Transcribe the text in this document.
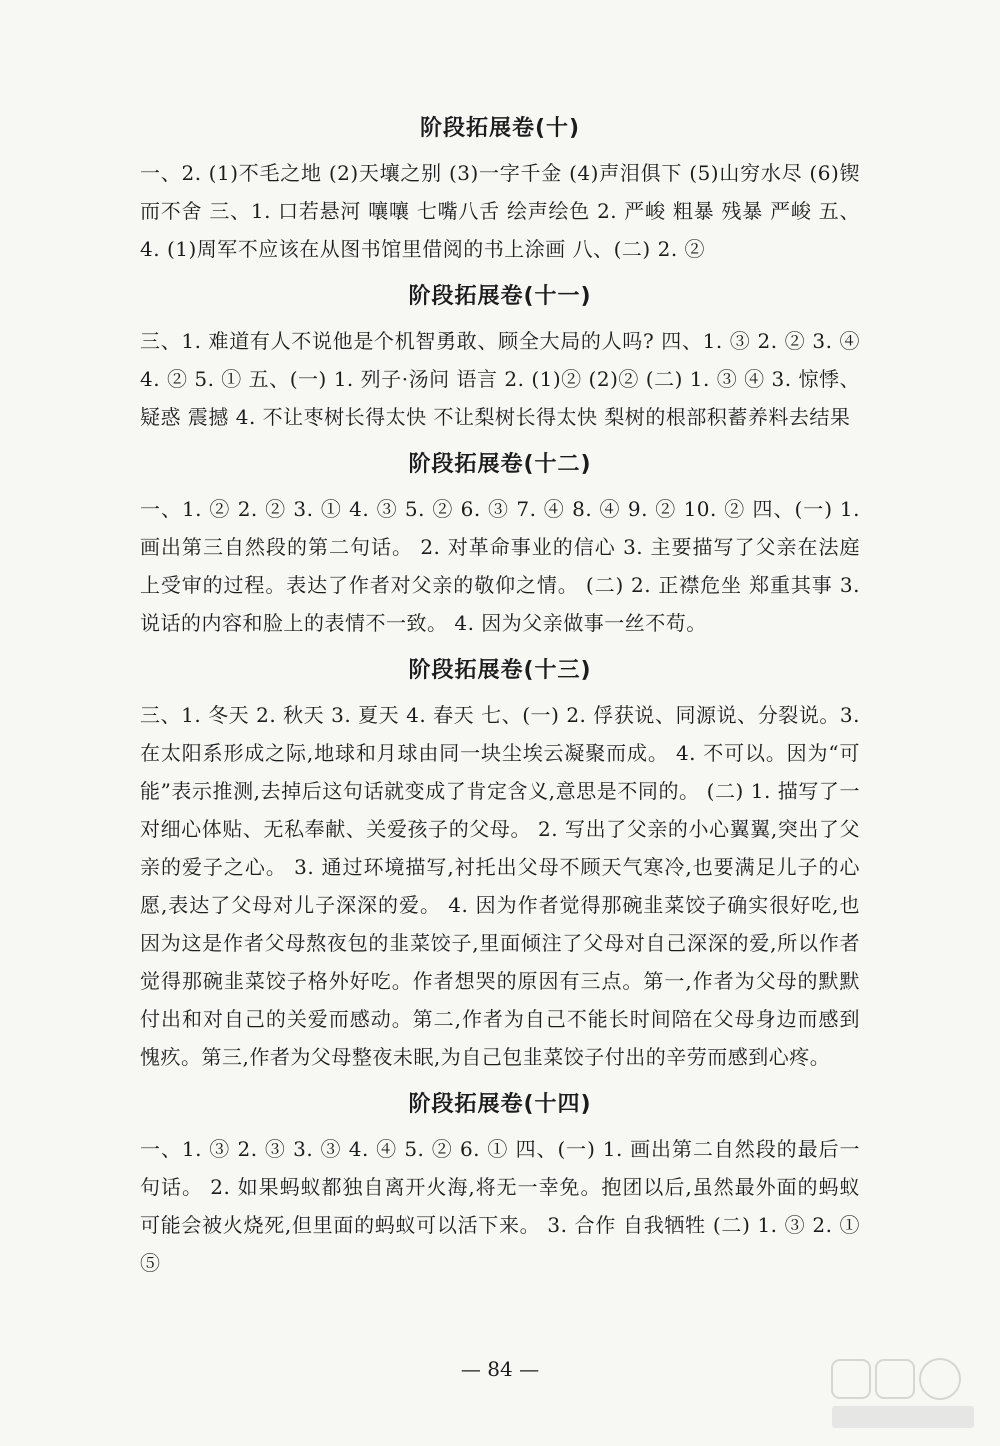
阶段拓展卷(十)

一、2. (1)不毛之地 (2)天壤之别 (3)一字千金 (4)声泪俱下 (5)山穷水尽 (6)锲而不舍 三、1. 口若悬河 嚷嚷 七嘴八舌 绘声绘色 2. 严峻 粗暴 残暴 严峻 五、4. (1)周军不应该在从图书馆里借阅的书上涂画 八、(二) 2. ②

阶段拓展卷(十一)

三、1. 难道有人不说他是个机智勇敢、顾全大局的人吗? 四、1. ③ 2. ② 3. ④ 4. ② 5. ① 五、(一) 1. 列子·汤问 语言 2. (1)② (2)② (二) 1. ③ ④ 3. 惊悸、疑惑 震撼 4. 不让枣树长得太快 不让梨树长得太快 梨树的根部积蓄养料去结果

阶段拓展卷(十二)

一、1. ② 2. ② 3. ① 4. ③ 5. ② 6. ③ 7. ④ 8. ④ 9. ② 10. ② 四、(一) 1. 画出第三自然段的第二句话。 2. 对革命事业的信心 3. 主要描写了父亲在法庭上受审的过程。表达了作者对父亲的敬仰之情。 (二) 2. 正襟危坐 郑重其事 3. 说话的内容和脸上的表情不一致。 4. 因为父亲做事一丝不苟。

阶段拓展卷(十三)

三、1. 冬天 2. 秋天 3. 夏天 4. 春天 七、(一) 2. 俘获说、同源说、分裂说。3. 在太阳系形成之际,地球和月球由同一块尘埃云凝聚而成。 4. 不可以。因为“可能”表示推测,去掉后这句话就变成了肯定含义,意思是不同的。 (二) 1. 描写了一对细心体贴、无私奉献、关爱孩子的父母。 2. 写出了父亲的小心翼翼,突出了父亲的爱子之心。 3. 通过环境描写,衬托出父母不顾天气寒冷,也要满足儿子的心愿,表达了父母对儿子深深的爱。 4. 因为作者觉得那碗韭菜饺子确实很好吃,也因为这是作者父母熬夜包的韭菜饺子,里面倾注了父母对自己深深的爱,所以作者觉得那碗韭菜饺子格外好吃。作者想哭的原因有三点。第一,作者为父母的默默付出和对自己的关爱而感动。第二,作者为自己不能长时间陪在父母身边而感到愧疚。第三,作者为父母整夜未眠,为自己包韭菜饺子付出的辛劳而感到心疼。

阶段拓展卷(十四)

一、1. ③ 2. ③ 3. ③ 4. ④ 5. ② 6. ① 四、(一) 1. 画出第二自然段的最后一句话。 2. 如果蚂蚁都独自离开火海,将无一幸免。抱团以后,虽然最外面的蚂蚁可能会被火烧死,但里面的蚂蚁可以活下来。 3. 合作 自我牺牲 (二) 1. ③ 2. ① ⑤

— 84 —
